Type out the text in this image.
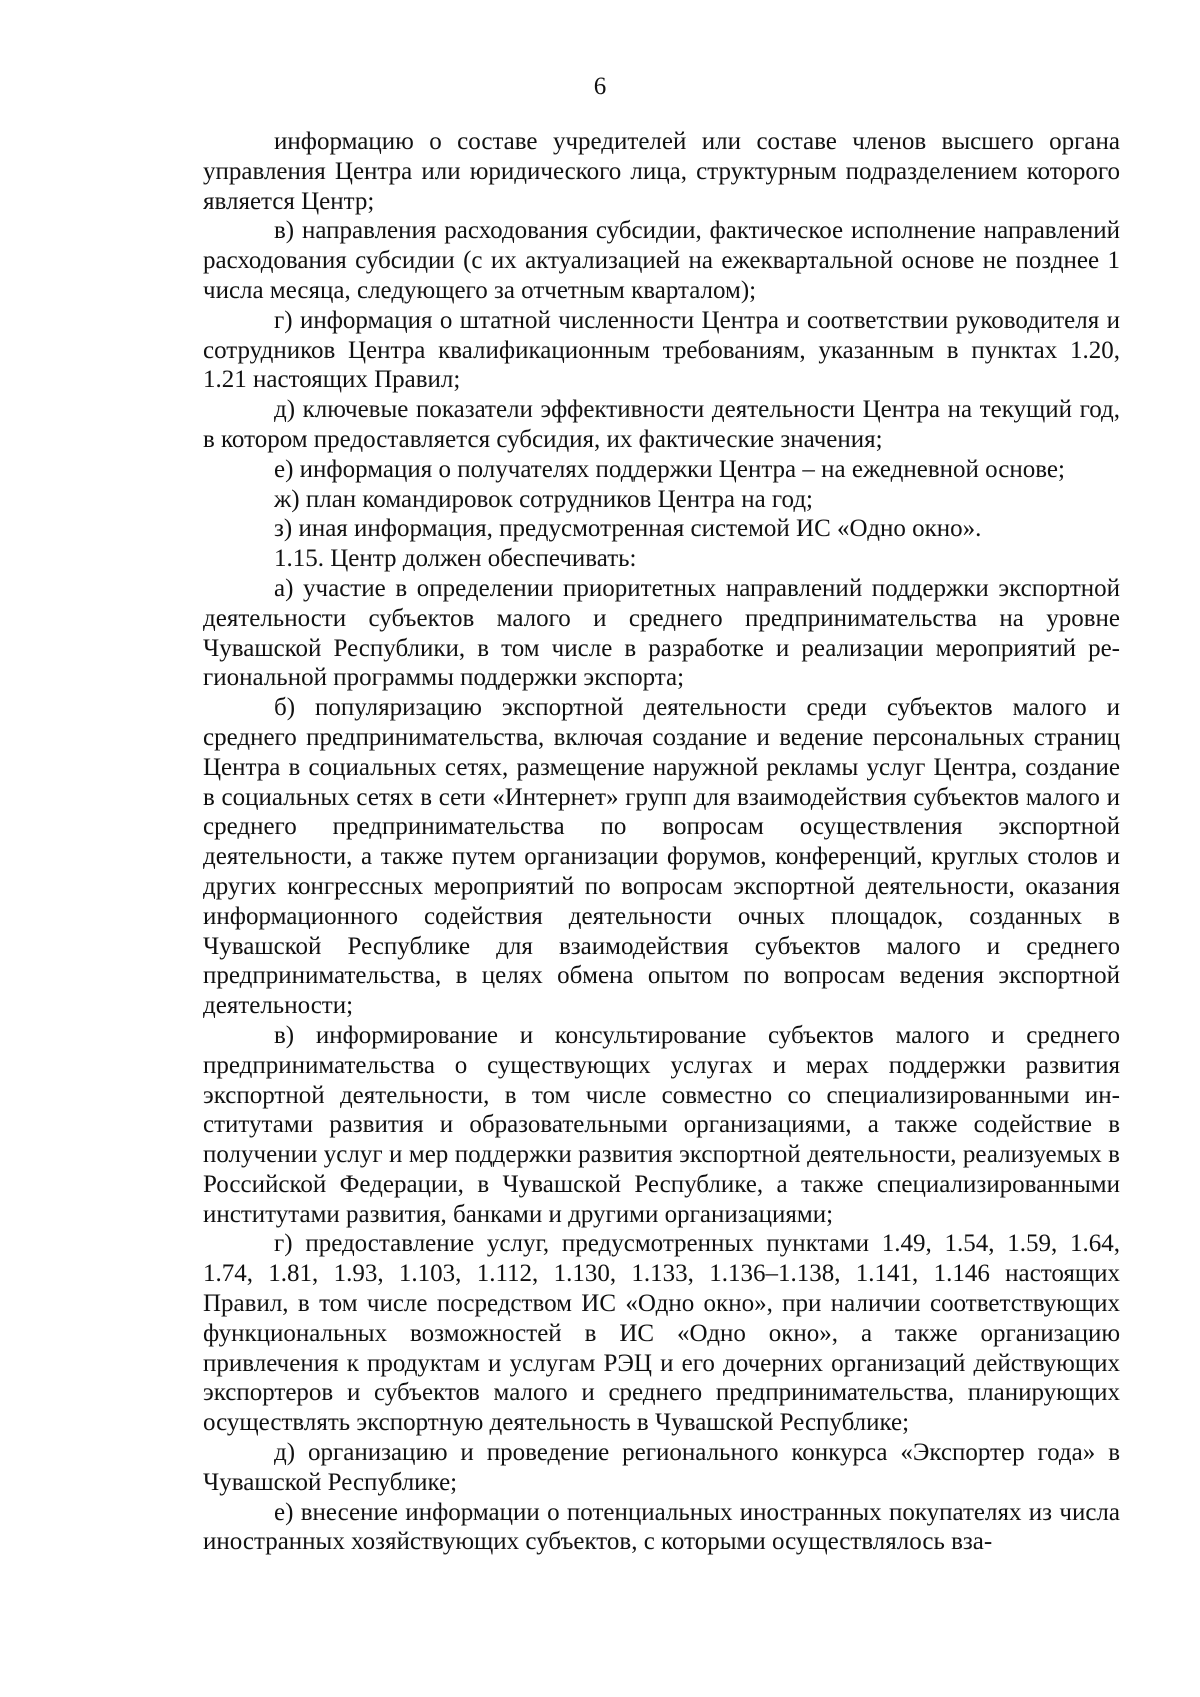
6

информацию о составе учредителей или составе членов высшего органа управления Центра или юридического лица, структурным подразделением которого является Центр;

в) направления расходования субсидии, фактическое исполнение направлений расходования субсидии (с их актуализацией на ежеквартальной основе не позднее 1 числа месяца, следующего за отчетным кварталом);

г) информация о штатной численности Центра и соответствии руководителя и сотрудников Центра квалификационным требованиям, указанным в пунктах 1.20, 1.21 настоящих Правил;

д) ключевые показатели эффективности деятельности Центра на текущий год, в котором предоставляется субсидия, их фактические значения;

е) информация о получателях поддержки Центра – на ежедневной основе;

ж) план командировок сотрудников Центра на год;

з) иная информация, предусмотренная системой ИС «Одно окно».

1.15. Центр должен обеспечивать:

а) участие в определении приоритетных направлений поддержки экспортной деятельности субъектов малого и среднего предпринимательства на уровне Чувашской Республики, в том числе в разработке и реализации мероприятий региональной программы поддержки экспорта;

б) популяризацию экспортной деятельности среди субъектов малого и среднего предпринимательства, включая создание и ведение персональных страниц Центра в социальных сетях, размещение наружной рекламы услуг Центра, создание в социальных сетях в сети «Интернет» групп для взаимодействия субъектов малого и среднего предпринимательства по вопросам осуществления экспортной деятельности, а также путем организации форумов, конференций, круглых столов и других конгрессных мероприятий по вопросам экспортной деятельности, оказания информационного содействия деятельности очных площадок, созданных в Чувашской Республике для взаимодействия субъектов малого и среднего предпринимательства, в целях обмена опытом по вопросам ведения экспортной деятельности;

в) информирование и консультирование субъектов малого и среднего предпринимательства о существующих услугах и мерах поддержки развития экспортной деятельности, в том числе совместно со специализированными институтами развития и образовательными организациями, а также содействие в получении услуг и мер поддержки развития экспортной деятельности, реализуемых в Российской Федерации, в Чувашской Республике, а также специализированными институтами развития, банками и другими организациями;

г) предоставление услуг, предусмотренных пунктами 1.49, 1.54, 1.59, 1.64, 1.74, 1.81, 1.93, 1.103, 1.112, 1.130, 1.133, 1.136–1.138, 1.141, 1.146 настоящих Правил, в том числе посредством ИС «Одно окно», при наличии соответствующих функциональных возможностей в ИС «Одно окно», а также организацию привлечения к продуктам и услугам РЭЦ и его дочерних организаций действующих экспортеров и субъектов малого и среднего предпринимательства, планирующих осуществлять экспортную деятельность в Чувашской Республике;

д) организацию и проведение регионального конкурса «Экспортер года» в Чувашской Республике;

е) внесение информации о потенциальных иностранных покупателях из числа иностранных хозяйствующих субъектов, с которыми осуществлялось вза-
